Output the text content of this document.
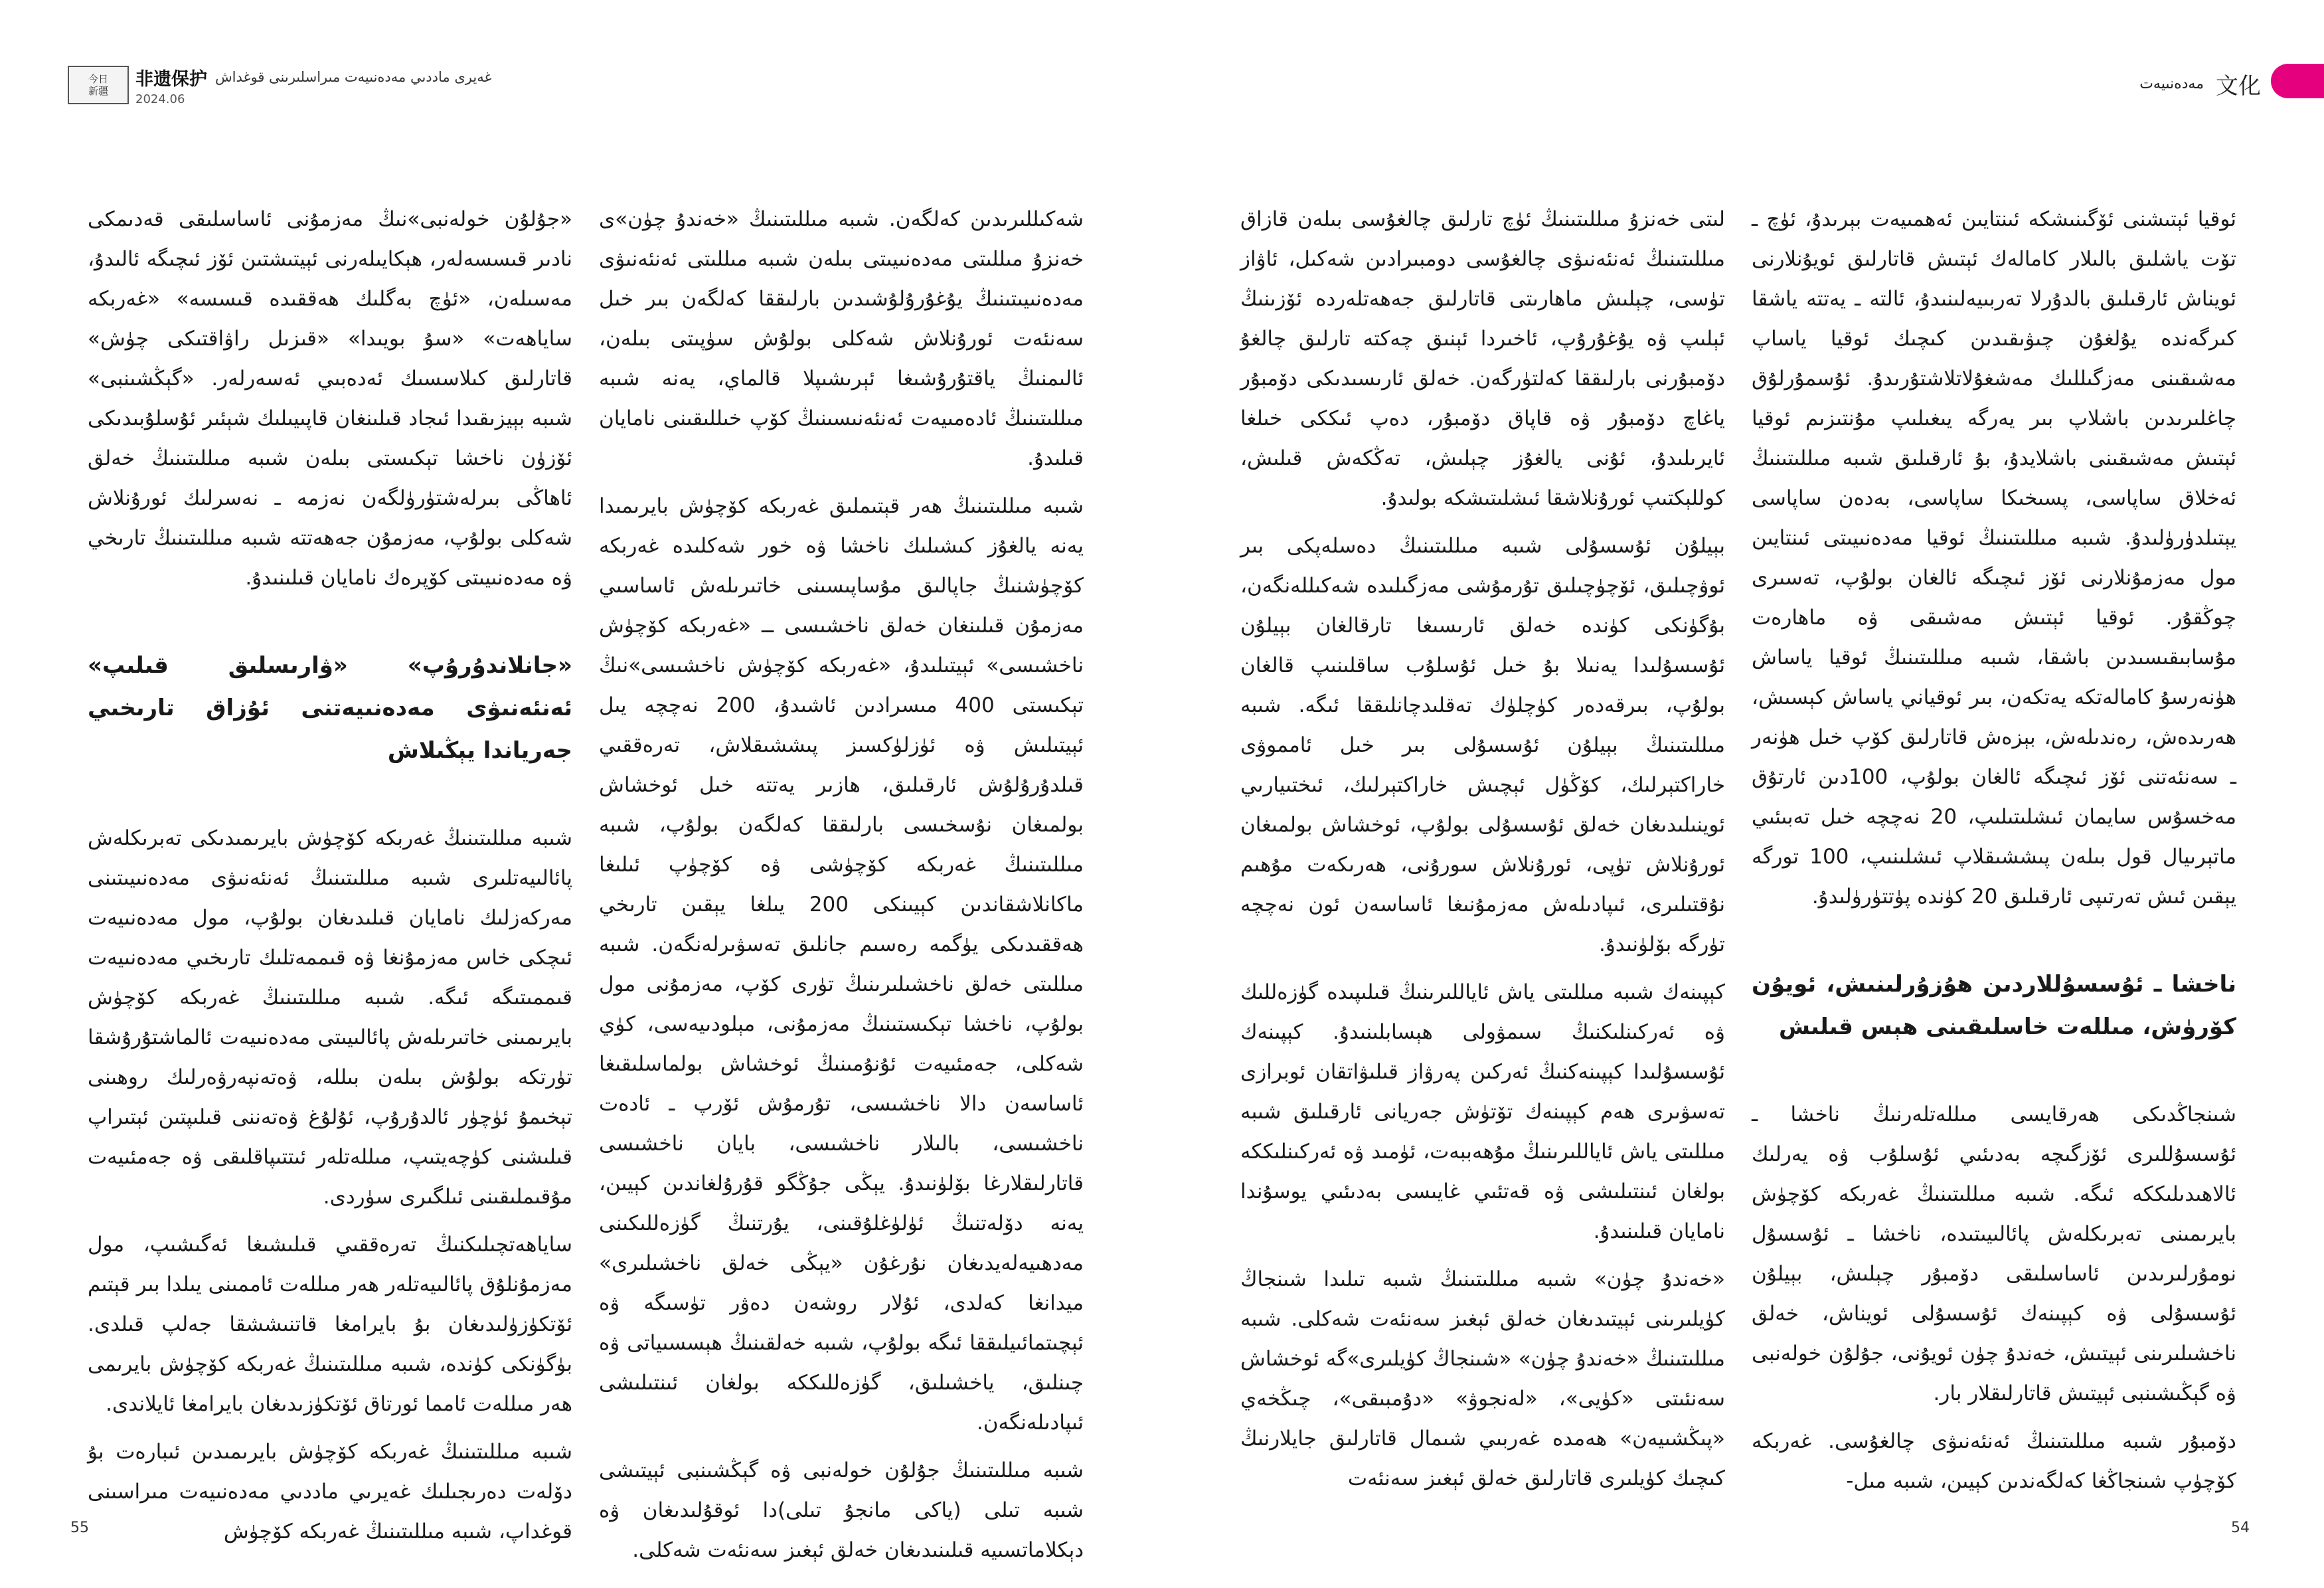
今日
新疆
非遗保护 غەيرى ماددىي مەدەنىيەت مىراسلىرىنى قوغداش
2024.06
مەدەنىيەت 文化

ئوقيا ئېتىشنى ئۆگىنىشكە ئىنتايىن ئەھمىيەت بېرىدۇ، ئۈچ ـ تۆت ياشلىق بالىلار كامالەك ئېتىش قاتارلىق ئويۇنلارنى ئويناش ئارقىلىق بالدۇرلا تەربىيەلىنىدۇ، ئالتە ـ يەتتە ياشقا كىرگەندە يۇلغۇن چىۋىقىدىن كىچىك ئوقيا ياساپ مەشىقىنى مەزگىللىك مەشغۇلاتلاشتۇرىدۇ. ئۇسمۇرلۇق چاغلىرىدىن باشلاپ بىر يەرگە يىغىلىپ مۇنتىزىم ئوقيا ئېتىش مەشىقىنى باشلايدۇ، بۇ ئارقىلىق شىبە مىللىتىنىڭ ئەخلاق ساپاسى، پسىخىكا ساپاسى، بەدەن ساپاسى يېتىلدۈرۈلىدۇ. شىبە مىللىتىنىڭ ئوقيا مەدەنىيىتى ئىنتايىن مول مەزمۇنلارنى ئۆز ئىچىگە ئالغان بولۇپ، تەسىرى چوڭقۇر. ئوقيا ئېتىش مەشىقى ۋە ماھارەت مۇسابىقىسىدىن باشقا، شىبە مىللىتىنىڭ ئوقيا ياساش ھۈنەرسۇ كامالەتكە يەتكەن، بىر ئوقياني ياساش كېسىش، ھەرىدەش، رەندىلەش، بېزەش قاتارلىق كۆپ خىل ھۈنەر ـ سەنئەتنى ئۆز ئىچىگە ئالغان بولۇپ، 100دىن ئارتۇق مەخسۇس سايمان ئىشلىتىلىپ، 20 نەچچە خىل تەبىئىي ماتېرىيال قول بىلەن پىششىقلاپ ئىشلىنىپ، 100 تورگە يېقىن ئىش تەرتىپى ئارقىلىق 20 كۈندە پۈتتۈرۈلىدۇ.

ناخشا ـ ئۇسسۇللاردىن ھۇزۇرلىنىش، ئويۇن كۆرۈش، مىللەت خاسلىقىنى ھېس قىلىش

شىنجاڭدىكى ھەرقايسى مىللەتلەرنىڭ ناخشا ـ ئۇسسۇللىرى ئۆزگىچە بەدىئىي ئۇسلۇب ۋە يەرلىك ئالاھىدىلىككە ئىگە. شىبە مىللىتىنىڭ غەربكە كۆچۈش بايرىمىنى تەبرىكلەش پائالىيىتىدە، ناخشا ـ ئۇسسۇل نومۇرلىرىدىن ئاساسلىقى دۆمبۇر چېلىش، بېيلۇن ئۇسسۇلى ۋە كېپىنەك ئۇسسۇلى ئويناش، خەلق ناخشىلىرىنى ئېيتىش، خەندۇ چۈن ئويۇنى، جۇلۇن خولەنبى ۋە گېڭىشىنبى ئېيتىش قاتارلىقلار بار.

دۆمبۇر شىبە مىللىتىنىڭ ئەنئەنىۋى چالغۇسى. غەربكە كۆچۈپ شىنجاڭغا كەلگەندىن كېيىن، شىبە مىل-

لىتى خەنزۇ مىللىتىنىڭ ئۈچ تارلىق چالغۇسى بىلەن قازاق مىللىتىنىڭ ئەنئەنىۋى چالغۇسى دومبىرادىن شەكىل، ئاۋاز تۈسى، چېلىش ماھارىتى قاتارلىق جەھەتلەردە ئۆزىنىڭ ئېلىپ ۋە يۇغۇرۇپ، ئاخىردا ئېنىق چەكتە تارلىق چالغۇ دۆمبۇرنى بارلىققا كەلتۈرگەن. خەلق ئارىسىدىكى دۆمبۇر ياغاچ دۆمبۇر ۋە قاپاق دۆمبۇر، دەپ ئىككى خىلغا ئايرىلىدۇ، ئۇنى يالغۇز چېلىش، تەڭكەش قىلىش، كوللېكتىپ ئورۇنلاشقا ئىشلىتىشكە بولىدۇ.

بېيلۇن ئۇسسۇلى شىبە مىللىتىنىڭ دەسلەپكى بىر ئوۋچىلىق، ئۆچۈچىلىق تۇرمۇشى مەزگىلىدە شەكىللەنگەن، بۇگۈنكى كۈندە خەلق ئارىسىغا تارقالغان بېيلۇن ئۇسسۇلىدا يەنىلا بۇ خىل ئۇسلۇب ساقلىنىپ قالغان بولۇپ، بىرقەدەر كۈچلۈك تەقلىدچانلىققا ئىگە. شىبە مىللىتىنىڭ بېيلۇن ئۇسسۇلى بىر خىل ئامموۋى خاراكتېرلىك، كۆڭۈل ئېچىش خاراكتېرلىك، ئىختىيارىي ئوينىلىدىغان خەلق ئۇسسۇلى بولۇپ، ئوخشاش بولمىغان ئورۇنلاش تۈپى، ئورۇنلاش سورۇنى، ھەرىكەت مۇھىم نۇقتىلىرى، ئىپادىلەش مەزمۇنىغا ئاساسەن ئون نەچچە تۈرگە بۆلۈنىدۇ.

كېپىنەك شىبە مىللىتى ياش ئاياللىرىنىڭ قىلىپىدە گۈزەللىك ۋە ئەركىنلىكنىڭ سىمۋولى ھېسابلىنىدۇ. كېپىنەك ئۇسسۇلىدا كېپىنەكنىڭ ئەركىن پەرۋاز قىلىۋاتقان ئوبرازى تەسۋىرى ھەم كېپىنەك تۆتۈش جەريانى ئارقىلىق شىبە مىللىتى ياش ئاياللىرىنىڭ مۇھەببەت، ئۈمىد ۋە ئەركىنلىككە بولغان ئىنتىلىشى ۋە قەتئىي غايىسى بەدىئىي يوسۇندا نامايان قىلىنىدۇ.

«خەندۇ چۈن» شىبە مىللىتىنىڭ شىبە تىلىدا شىنجاڭ كۈيلىرىنى ئېيتىدىغان خەلق ئېغىز سەنئەت شەكلى. شىبە مىللىتىنىڭ «خەندۇ چۈن» «شىنجاڭ كۈيلىرى»گە ئوخشاش سەنئىتى «كۈيى»، «لەنجوۋ» «دۇمبىقى»، چىڭخەي «پىڭشىيەن» ھەمدە غەربىي شىمال قاتارلىق جايلارنىڭ كىچىك كۈيلىرى قاتارلىق خەلق ئېغىز سەنئەت

شەكىللىرىدىن كەلگەن. شىبە مىللىتىنىڭ «خەندۇ چۈن»ى خەنزۇ مىللىتى مەدەنىيىتى بىلەن شىبە مىللىتى ئەنئەنىۋى مەدەنىيىتىنىڭ يۇغۇرۇلۇشىدىن بارلىققا كەلگەن بىر خىل سەنئەت ئورۇنلاش شەكلى بولۇش سۈپىتى بىلەن، ئالىمنىڭ ياقتۇرۇشىغا ئېرىشىپلا قالماي، يەنە شىبە مىللىتىنىڭ ئادەمىيەت ئەنئەنىسىنىڭ كۆپ خىللىقىنى نامايان قىلىدۇ.

شىبە مىللىتىنىڭ ھەر قېتىملىق غەربكە كۆچۈش بايرىمىدا يەنە يالغۇز كىشىلىك ناخشا ۋە خور شەكلىدە غەربكە كۆچۈشنىڭ جاپالىق مۇساپىسىنى خاتىرىلەش ئاساسىي مەزمۇن قىلىنغان خەلق ناخشىسى ــ «غەربكە كۆچۈش ناخشىسى» ئېيتىلىدۇ، «غەربكە كۆچۈش ناخشىسى»نىڭ تېكىستى 400 مىسرادىن ئاشىدۇ، 200 نەچچە يىل ئېيتىلىش ۋە ئۈزلۈكسىز پىششىقلاش، تەرەققىي قىلدۇرۇلۇش ئارقىلىق، ھازىر يەتتە خىل ئوخشاش بولمىغان نۇسخىسى بارلىققا كەلگەن بولۇپ، شىبە مىللىتىنىڭ غەربكە كۆچۈشى ۋە كۆچۈپ ئىلىغا ماكانلاشقاندىن كېيىنكى 200 يىلغا يېقىن تارىخي ھەققىدىكى يۈگمە رەسىم جانلىق تەسۋىرلەنگەن. شىبە مىللىتى خەلق ناخشىلىرىنىڭ تۈرى كۆپ، مەزمۇنى مول بولۇپ، ناخشا تېكىستىنىڭ مەزمۇنى، مېلودىيەسى، كۈي شەكلى، جەمئىيەت ئۇنۇمىنىڭ ئوخشاش بولماسلىقىغا ئاساسەن دالا ناخشىسى، تۇرمۇش ئۆرپ ـ ئادەت ناخشىسى، بالىلار ناخشىسى، بايان ناخشىسى قاتارلىقلارغا بۆلۈنىدۇ. يېڭى جۇڭگو قۇرۇلغاندىن كېيىن، يەنە دۆلەتنىڭ ئۈلۈغلۇقىنى، يۇرتنىڭ گۈزەللىكىنى مەدھىيەلەيدىغان نۇرغۇن «يېڭى خەلق ناخشىلىرى» ميدانغا كەلدى، ئۇلار روشەن دەۋر تۈسىگە ۋە ئېچىتمائىيلىققا ئىگە بولۇپ، شىبە خەلقىنىڭ ھېسسىياتى ۋە چىنلىق، ياخشىلىق، گۈزەللىككە بولغان ئىنتىلىشى ئىپادىلەنگەن.

شىبە مىللىتىنىڭ جۇلۇن خولەنبى ۋە گېڭشىنبى ئېيتىشى شىبە تىلى (ياكى مانجۇ تىلى)دا ئوقۇلىدىغان ۋە دېكلاماتسىيە قىلىنىدىغان خەلق ئېغىز سەنئەت شەكلى.

«جۇلۇن خولەنبى»نىڭ مەزمۇنى ئاساسلىقى قەدىمكى نادىر قىسسەلەر، ھېكايىلەرنى ئېيتىشتىن ئۆز ئىچىگە ئالىدۇ، مەسىلەن، «ئۈچ بەگلىك ھەققىدە قىسسە» «غەربكە ساياھەت» «سۇ بويىدا» «قىزىل راۋاقتىكى چۈش» قاتارلىق كىلاسسىك ئەدەبىي ئەسەرلەر. «گېڭشىنبى» شىبە بېيزىقىدا ئىجاد قىلىنغان قاپىيىلىك شېئىر ئۇسلۇبىدىكى ئۆزۈن ناخشا تېكىستى بىلەن شىبە مىللىتىنىڭ خەلق ئاھاڭى بىرلەشتۈرۈلگەن نەزمە ـ نەسرلىك ئورۇنلاش شەكلى بولۇپ، مەزمۇن جەھەتتە شىبە مىللىتىنىڭ تارىخي ۋە مەدەنىيىتى كۆپرەك نامايان قىلىنىدۇ.

«جانلاندۇرۇپ» «ۋارىسلىق قىلىپ» ئەنئەنىۋى مەدەنىيەتنى ئۇزاق تارىخىي جەرياندا يېڭىلاش

شىبە مىللىتىنىڭ غەربكە كۆچۈش بايرىمىدىكى تەبرىكلەش پائالىيەتلىرى شىبە مىللىتىنىڭ ئەنئەنىۋى مەدەنىيىتىنى مەركەزلىك نامايان قىلىدىغان بولۇپ، مول مەدەنىيەت ئىچكى خاس مەزمۇنغا ۋە قىممەتلىك تارىخىي مەدەنىيەت قىممىتىگە ئىگە. شىبە مىللىتىنىڭ غەربكە كۆچۈش بايرىمىنى خاتىرىلەش پائالىيىتى مەدەنىيەت ئالماشتۇرۇشقا تۈرتكە بولۇش بىلەن بىللە، ۋەتەنپەرۋەرلىك روھىنى تېخىمۇ ئۈچۈر ئالدۇرۇپ، ئۇلۇغ ۋەتەننى قىلىپتىن ئېتىراپ قىلىشنى كۈچەيتىپ، مىللەتلەر ئىتتىپاقلىقى ۋە جەمئىيەت مۇقىملىقىنى ئىلگىرى سۈردى.

ساياھەتچىلىكنىڭ تەرەققىي قىلىشىغا ئەگىشىپ، مول مەزمۇنلۇق پائالىيەتلەر ھەر مىللەت ئاممىنى يىلدا بىر قېتىم ئۆتكۈزۈلىدىغان بۇ بايرامغا قاتنىششقا جەلپ قىلدى. بۈگۈنكى كۈندە، شىبە مىللىتىنىڭ غەربكە كۆچۈش بايرىمى ھەر مىللەت ئامما ئورتاق ئۆتكۈزىدىغان بايرامغا ئايلاندى.

شىبە مىللىتىنىڭ غەربكە كۆچۈش بايرىمىدىن ئىبارەت بۇ دۆلەت دەرىجىلىك غەيرىي ماددىي مەدەنىيەت مىراسىنى قوغداپ، شىبە مىللىتىنىڭ غەربكە كۆچۈش

55	54
